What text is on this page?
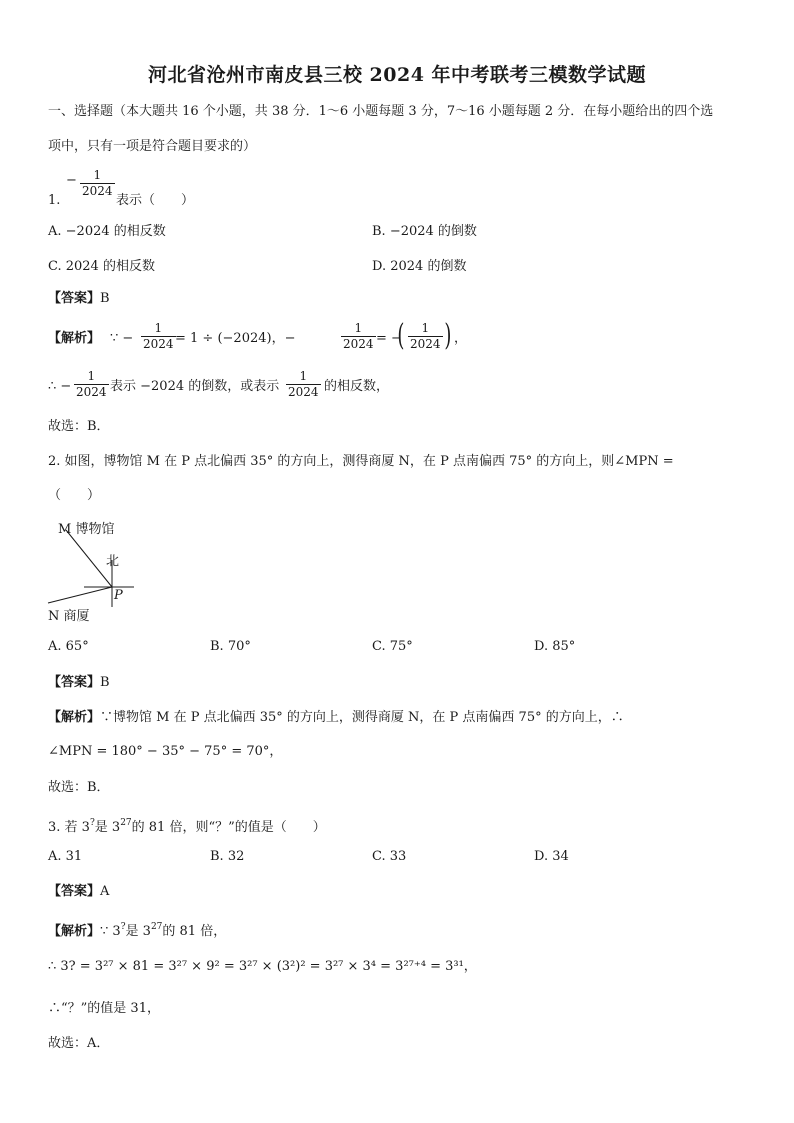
河北省沧州市南皮县三校 2024 年中考联考三模数学试题
一、选择题（本大题共 16 个小题，共 38 分．1～6 小题每题 3 分，7～16 小题每题 2 分．在每小题给出的四个选
项中，只有一项是符合题目要求的）
1.
− $\frac{1}{2024}$
表示（　　）
A. −2024 的相反数	B. −2024 的倒数
C. 2024 的相反数	D. 2024 的倒数
【答案】B
【解析】 ∵ − $\frac{1}{2024} = 1 \div (-2024)$，−	$\frac{1}{2024}$ = −
( $\frac{1}{2024}$ ) ，
∴ − $\frac{1}{2024}$ 表示 −2024 的倒数，或表示 $\frac{1}{2024}$ 的相反数，
故选：B．
2. 如图，博物馆 M 在 P 点北偏西 35° 的方向上，测得商厦 N，在 P 点南偏西 75° 的方向上，则∠MPN =
（　　）
M 博物馆
北
P
N 商厦
A. 65°	B. 70°	C. 75°	D. 85°
【答案】B
【解析】∵博物馆 M 在 P 点北偏西 35° 的方向上，测得商厦 N，在 P 点南偏西 75° 的方向上，∴
∠MPN = 180° − 35° − 75° = 70°，
故选：B．
3. 若 3?是 $3^{27}$的 81 倍，则“？”的值是（　　）
A. 31	B. 32	C. 33	D. 34
【答案】A
【解析】∵ 3?是 $3^{27}$的 81 倍，
∴ 3? = 3²⁷ × 81 = 3²⁷ × 9² = 3²⁷ × (3²)² = 3²⁷ × 3⁴ = 3²⁷⁺⁴ = 3³¹，
∴“？”的值是 31，
故选：A．
